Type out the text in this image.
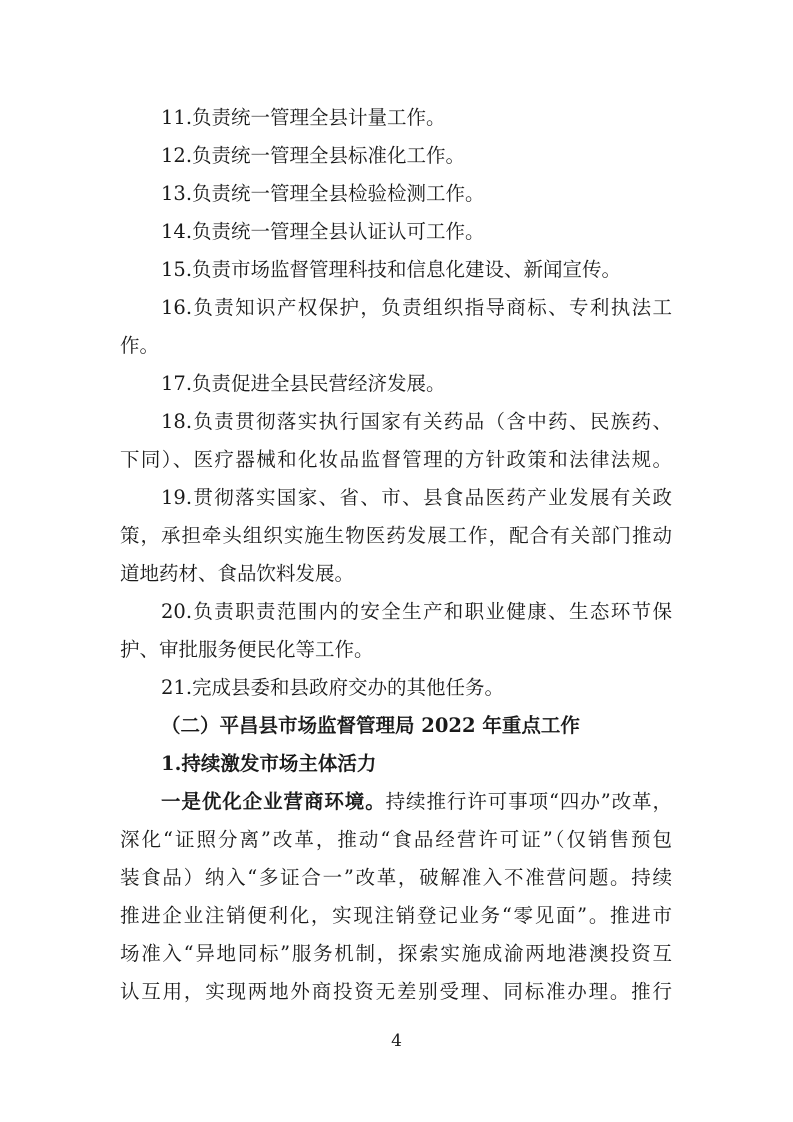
11.负责统一管理全县计量工作。
12.负责统一管理全县标准化工作。
13.负责统一管理全县检验检测工作。
14.负责统一管理全县认证认可工作。
15.负责市场监督管理科技和信息化建设、新闻宣传。
16.负责知识产权保护，负责组织指导商标、专利执法工
作。
17.负责促进全县民营经济发展。
18.负责贯彻落实执行国家有关药品（含中药、民族药、
下同）、医疗器械和化妆品监督管理的方针政策和法律法规。
19.贯彻落实国家、省、市、县食品医药产业发展有关政
策，承担牵头组织实施生物医药发展工作，配合有关部门推动
道地药材、食品饮料发展。
20.负责职责范围内的安全生产和职业健康、生态环节保
护、审批服务便民化等工作。
21.完成县委和县政府交办的其他任务。
（二）平昌县市场监督管理局 2022 年重点工作
1.持续激发市场主体活力
一是优化企业营商环境。持续推行许可事项“四办”改革，
深化“证照分离”改革，推动“食品经营许可证”（仅销售预包
装食品）纳入“多证合一”改革，破解准入不准营问题。持续
推进企业注销便利化，实现注销登记业务“零见面”。推进市
场准入“异地同标”服务机制，探索实施成渝两地港澳投资互
认互用，实现两地外商投资无差别受理、同标准办理。推行
4
